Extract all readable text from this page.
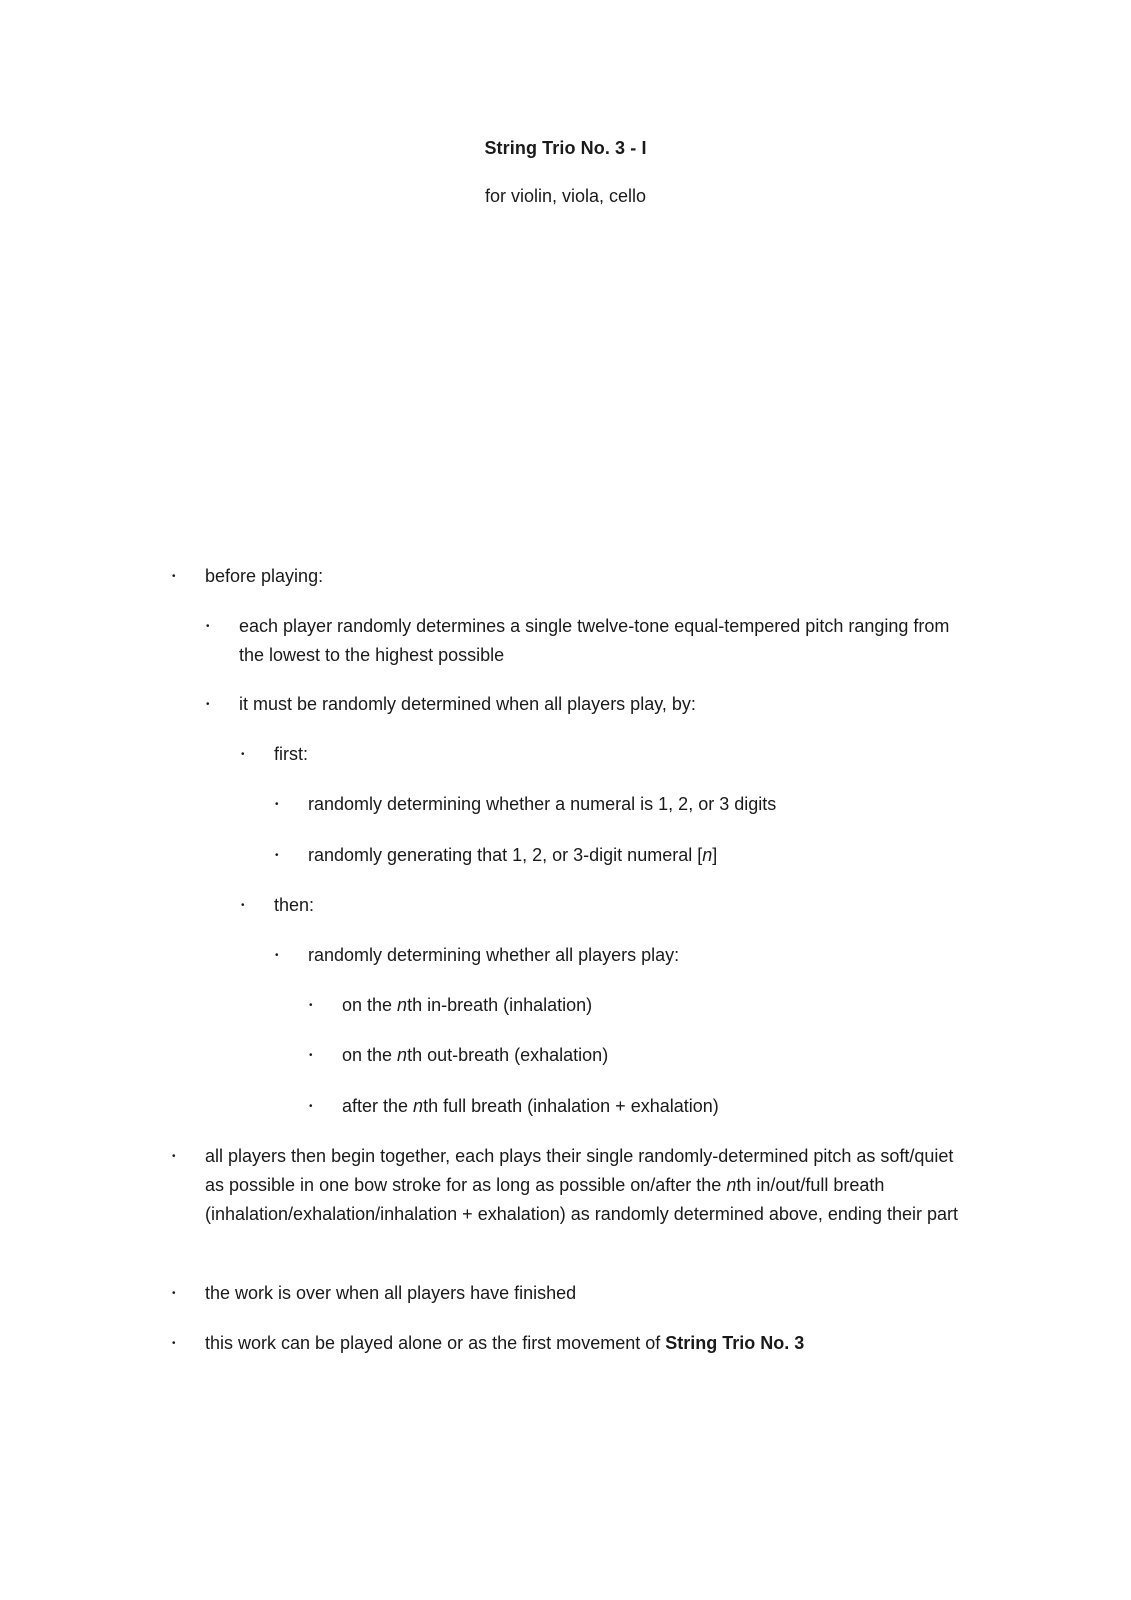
String Trio No. 3 - I
for violin, viola, cello
• before playing:
• each player randomly determines a single twelve-tone equal-tempered pitch ranging from the lowest to the highest possible
• it must be randomly determined when all players play, by:
• first:
• randomly determining whether a numeral is 1, 2, or 3 digits
• randomly generating that 1, 2, or 3-digit numeral [n]
• then:
• randomly determining whether all players play:
• on the nth in-breath (inhalation)
• on the nth out-breath (exhalation)
• after the nth full breath (inhalation + exhalation)
• all players then begin together, each plays their single randomly-determined pitch as soft/quiet as possible in one bow stroke for as long as possible on/after the nth in/out/full breath (inhalation/exhalation/inhalation + exhalation) as randomly determined above, ending their part
• the work is over when all players have finished
• this work can be played alone or as the first movement of String Trio No. 3
